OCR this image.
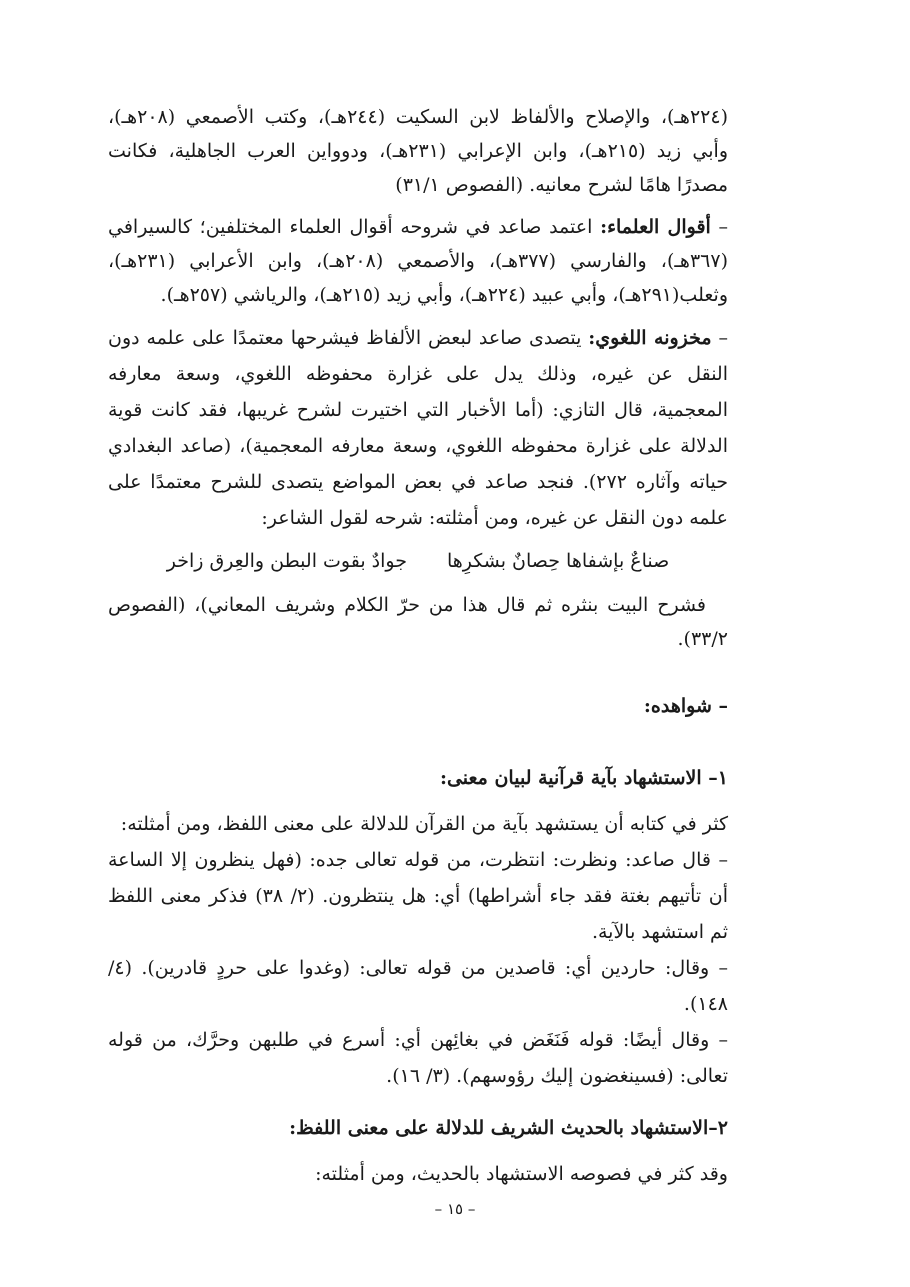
(٢٢٤هـ)، والإصلاح والألفاظ لابن السكيت (٢٤٤هـ)، وكتب الأصمعي (٢٠٨هـ)، وأبي زيد (٢١٥هـ)، وابن الإعرابي (٢٣١هـ)، ودوواين العرب الجاهلية، فكانت مصدرًا هامًا لشرح معانيه. (الفصوص ٣١/١)

– أقوال العلماء: اعتمد صاعد في شروحه أقوال العلماء المختلفين؛ كالسيرافي (٣٦٧هـ)، والفارسي (٣٧٧هـ)، والأصمعي (٢٠٨هـ)، وابن الأعرابي (٢٣١هـ)، وثعلب(٢٩١هـ)، وأبي عبيد (٢٢٤هـ)، وأبي زيد (٢١٥هـ)، والرياشي (٢٥٧هـ).

– مخزونه اللغوي: يتصدى صاعد لبعض الألفاظ فيشرحها معتمدًا على علمه دون النقل عن غيره، وذلك يدل على غزارة محفوظه اللغوي، وسعة معارفه المعجمية، قال التازي: (أما الأخبار التي اختيرت لشرح غريبها، فقد كانت قوية الدلالة على غزارة محفوظه اللغوي، وسعة معارفه المعجمية)، (صاعد البغدادي حياته وآثاره ٢٧٢). فنجد صاعد في بعض المواضع يتصدى للشرح معتمدًا على علمه دون النقل عن غيره، ومن أمثلته: شرحه لقول الشاعر:

صناعٌ بإشفاها حِصانٌ بشكرِها
جوادٌ بقوت البطن والعِرق زاخر

فشرح البيت بنثره ثم قال هذا من حرّ الكلام وشريف المعاني)، (الفصوص ٣٣/٢).

– شواهده:

١– الاستشهاد بآية قرآنية لبيان معنى:

كثر في كتابه أن يستشهد بآية من القرآن للدلالة على معنى اللفظ، ومن أمثلته:

– قال صاعد: ونظرت: انتظرت، من قوله تعالى جده: (فهل ينظرون إلا الساعة أن تأتيهم بغتة فقد جاء أشراطها) أي: هل ينتظرون. (٢/ ٣٨) فذكر معنى اللفظ ثم استشهد بالآية.

– وقال: حاردين أي: قاصدين من قوله تعالى: (وغدوا على حردٍ قادرين). (٤/ ١٤٨).

– وقال أيضًا: قوله فَنَغَض في بغائِهن أي: أسرع في طلبهن وحرَّك، من قوله تعالى: (فسينغضون إليك رؤوسهم). (٣/ ١٦).

٢–الاستشهاد بالحديث الشريف للدلالة على معنى اللفظ:

وقد كثر في فصوصه الاستشهاد بالحديث، ومن أمثلته:

– ١٥ –
